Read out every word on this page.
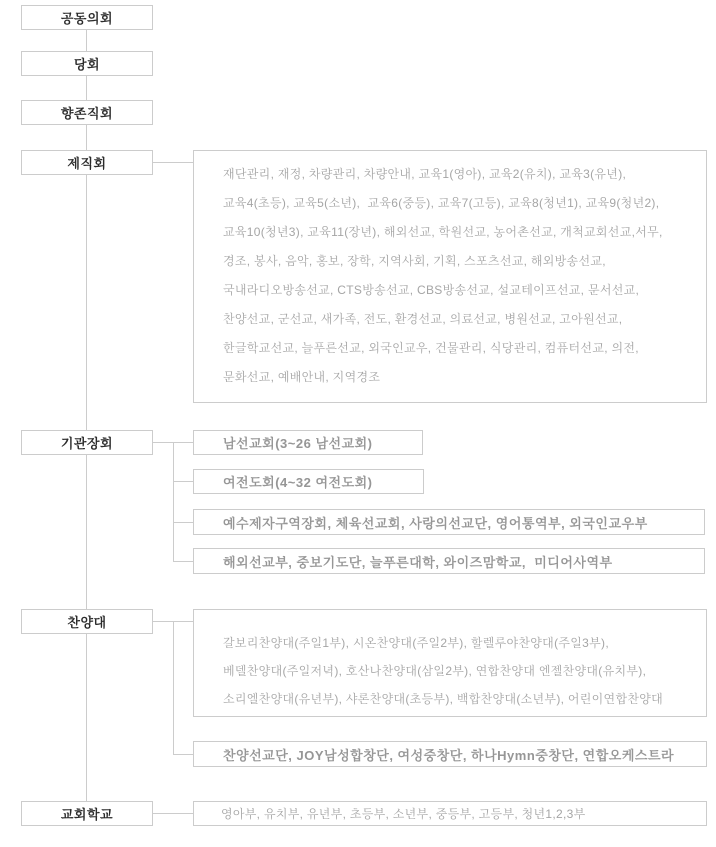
공동의회
당회
향존직회
제직회
기관장회
찬양대
교회학교
재단관리, 재정, 차량관리, 차량안내, 교육1(영아), 교육2(유치), 교육3(유년),
교육4(초등), 교육5(소년),  교육6(중등), 교육7(고등), 교육8(청년1), 교육9(청년2),
교육10(청년3), 교육11(장년), 해외선교, 학원선교, 농어촌선교, 개척교회선교,서무,
경조, 봉사, 음악, 홍보, 장학, 지역사회, 기획, 스포츠선교, 해외방송선교,
국내라디오방송선교, CTS방송선교, CBS방송선교, 설교테이프선교, 문서선교,
찬양선교, 군선교, 새가족, 전도, 환경선교, 의료선교, 병원선교, 고아원선교,
한글학교선교, 늘푸른선교, 외국인교우, 건물관리, 식당관리, 컴퓨터선교, 의전,
문화선교, 예배안내, 지역경조
남선교회(3~26 남선교회)
여전도회(4~32 여전도회)
예수제자구역장회, 체육선교회, 사랑의선교단, 영어통역부, 외국인교우부
해외선교부, 중보기도단, 늘푸른대학, 와이즈맘학교,  미디어사역부
갈보리찬양대(주일1부), 시온찬양대(주일2부), 할렐루야찬양대(주일3부),
베델찬양대(주일저녁), 호산나찬양대(삼일2부), 연합찬양대 엔젤찬양대(유치부),
소리엘찬양대(유년부), 샤론찬양대(초등부), 백합찬양대(소년부), 어린이연합찬양대
찬양선교단, JOY남성합창단, 여성중창단, 하나Hymn중창단, 연합오케스트라
영아부, 유치부, 유년부, 초등부, 소년부, 중등부, 고등부, 청년1,2,3부
